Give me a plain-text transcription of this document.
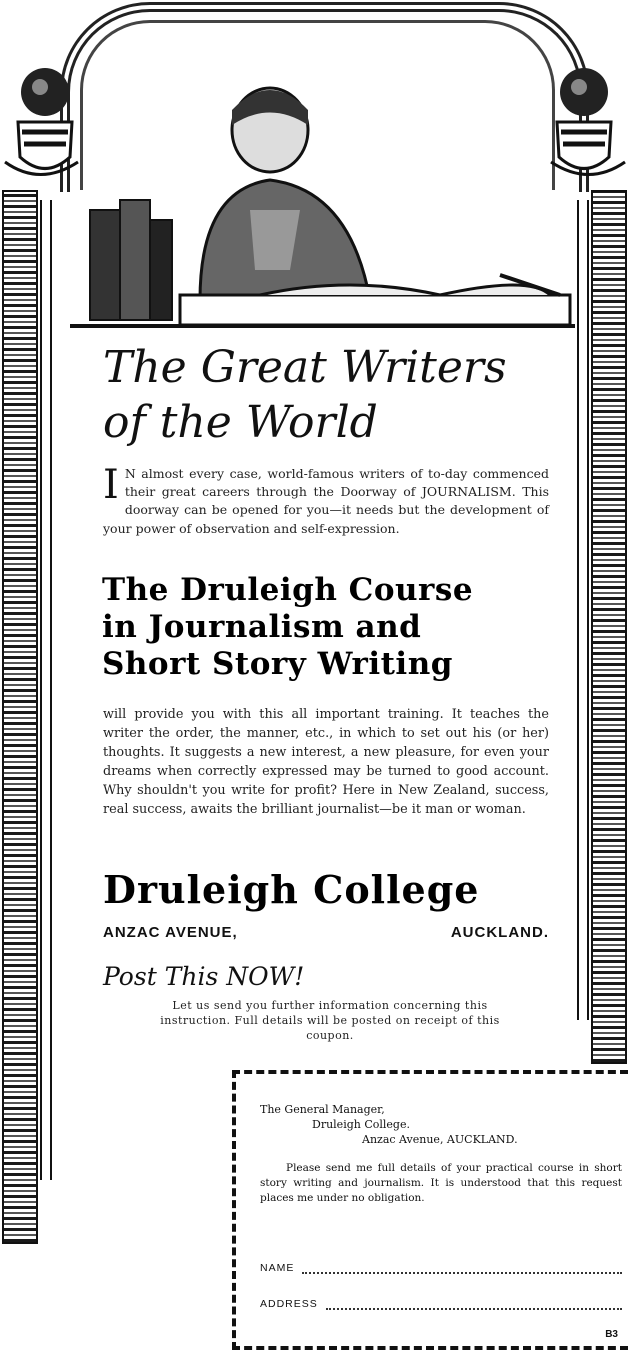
The Great Writers
of the World
I N almost every case, world-famous writers of to-day commenced their great careers through the Doorway of JOURNALISM. This doorway can be opened for you—it needs but the development of your power of observation and self-expression.
The Druleigh Course
in Journalism and
Short Story Writing
will provide you with this all important training. It teaches the writer the order, the manner, etc., in which to set out his (or her) thoughts. It suggests a new interest, a new pleasure, for even your dreams when correctly expressed may be turned to good account. Why shouldn't you write for profit? Here in New Zealand, success, real success, awaits the brilliant journalist—be it man or woman.
Druleigh College
ANZAC AVENUE,	AUCKLAND.
Post This NOW!
Let us send you further information concerning this instruction. Full details will be posted on receipt of this coupon.
The General Manager,
Druleigh College.
Anzac Avenue, AUCKLAND.
Please send me full details of your practical course in short story writing and journalism. It is understood that this request places me under no obligation.
NAME
ADDRESS
B3
